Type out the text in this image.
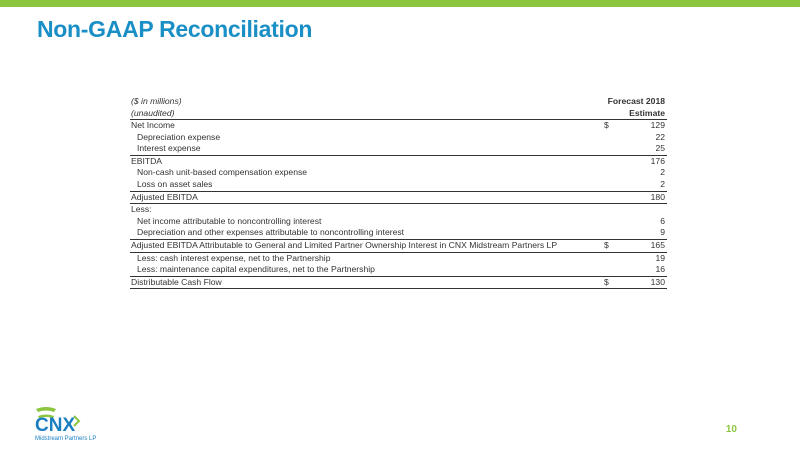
Non-GAAP Reconciliation
($ in millions)
(unaudited)
Forecast 2018
Estimate
Net Income	$	129
Depreciation expense	22
Interest expense	25
EBITDA	176
Non-cash unit-based compensation expense	2
Loss on asset sales	2
Adjusted EBITDA	180
Less:
Net income attributable to noncontrolling interest	6
Depreciation and other expenses attributable to noncontrolling interest	9
Adjusted EBITDA Attributable to General and Limited Partner Ownership Interest in CNX Midstream Partners LP	$	165
Less: cash interest expense, net to the Partnership	19
Less: maintenance capital expenditures, net to the Partnership	16
Distributable Cash Flow	$	130
CNX
Midstream Partners LP
10
